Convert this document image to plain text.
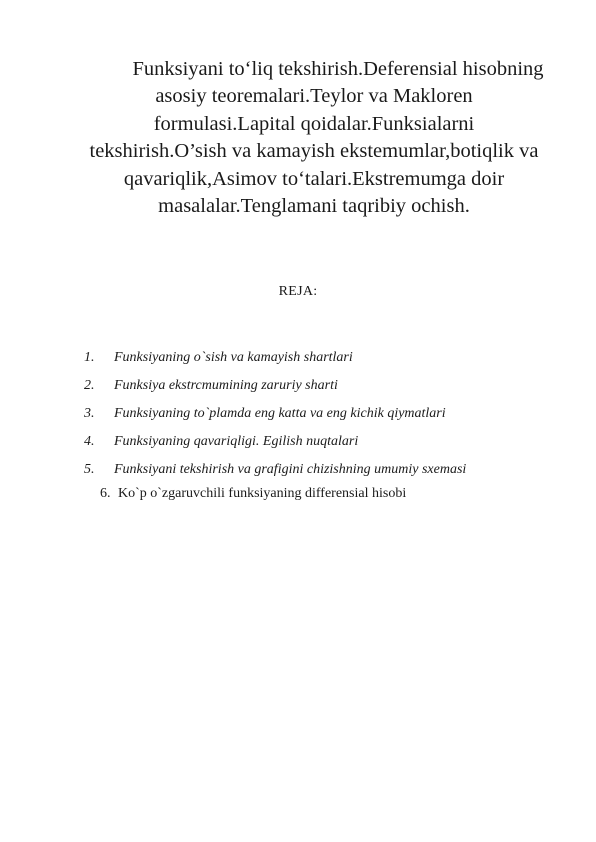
Funksiyani to‘liq tekshirish.Deferensial hisobning asosiy teoremalari.Teylor va Makloren formulasi.Lapital qoidalar.Funksialarni tekshirish.O’sish va kamayish ekstemumlar,botiqlik va qavariqlik,Asimov to‘talari.Ekstremumga doir masalalar.Tenglamani taqribiy ochish.
REJA:
1. Funksiyaning o`sish va kamayish shartlari
2. Funksiya ekstrcmumining zaruriy sharti
3. Funksiyaning to`plamda eng katta va eng kichik qiymatlari
4. Funksiyaning qavariqligi. Egilish nuqtalari
5. Funksiyani tekshirish va grafigini chizishning umumiy sxemasi
6. Ko`p o`zgaruvchili funksiyaning differensial hisobi
